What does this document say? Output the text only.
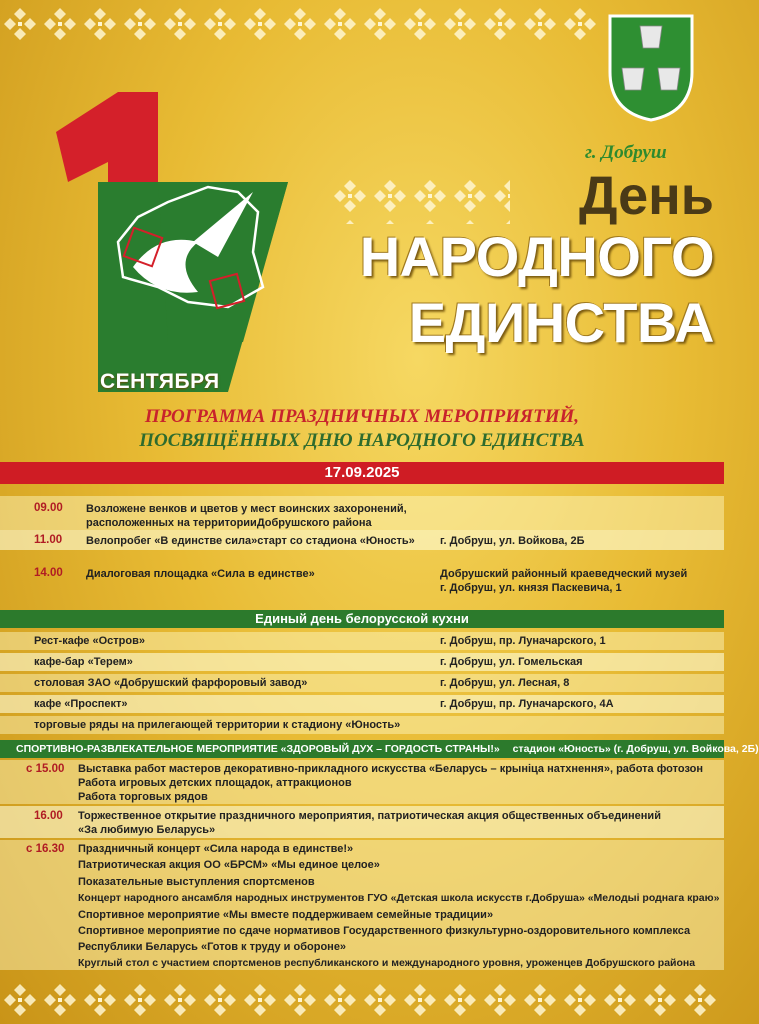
г. Добруш
СЕНТЯБРЯ
День
НАРОДНОГО
ЕДИНСТВА
ПРОГРАММА ПРАЗДНИЧНЫХ МЕРОПРИЯТИЙ,
ПОСВЯЩЁННЫХ ДНЮ НАРОДНОГО ЕДИНСТВА
17.09.2025
09.00 Возложене венков и цветов у мест воинских захоронений,
расположенных на территорииДобрушского района
11.00 Велопробег «В единстве сила»старт со стадиона «Юность» г. Добруш, ул. Войкова, 2Б
14.00 Диалоговая площадка «Сила в единстве»	Добрушский районный краеведческий музей
г. Добруш, ул. князя Паскевича, 1
Единый день белорусской кухни
Рест-кафе «Остров»	г. Добруш, пр. Луначарского, 1
кафе-бар «Терем»	г. Добруш, ул. Гомельская
столовая ЗАО «Добрушский фарфоровый завод»	г. Добруш, ул. Лесная, 8
кафе «Проспект»	г. Добруш, пр. Луначарского, 4А
торговые ряды на прилегающей территории к стадиону «Юность»
СПОРТИВНО-РАЗВЛЕКАТЕЛЬНОЕ МЕРОПРИЯТИЕ «ЗДОРОВЫЙ ДУХ – ГОРДОСТЬ СТРАНЫ!» стадион «Юность» (г. Добруш, ул. Войкова, 2Б)
с 15.00 Выставка работ мастеров декоративно-прикладного искусства «Беларусь – крыніца натхнення», работа фотозон
Работа игровых детских площадок, аттракционов
Работа торговых рядов
16.00 Торжественное открытие праздничного мероприятия, патриотическая акция общественных объединений
«За любимую Беларусь»
с 16.30 Праздничный концерт «Сила народа в единстве!»
Патриотическая акция ОО «БРСМ» «Мы единое целое»
Показательные выступления спортсменов
Концерт народного ансамбля народных инструментов ГУО «Детская школа искусств г.Добруша» «Мелодыі роднага краю»
Спортивное мероприятие «Мы вместе поддерживаем семейные традиции»
Спортивное мероприятие по сдаче нормативов Государственного физкультурно-оздоровительного комплекса
Республики Беларусь «Готов к труду и обороне»
Круглый стол с участием спортсменов республиканского и международного уровня, уроженцев Добрушского района
